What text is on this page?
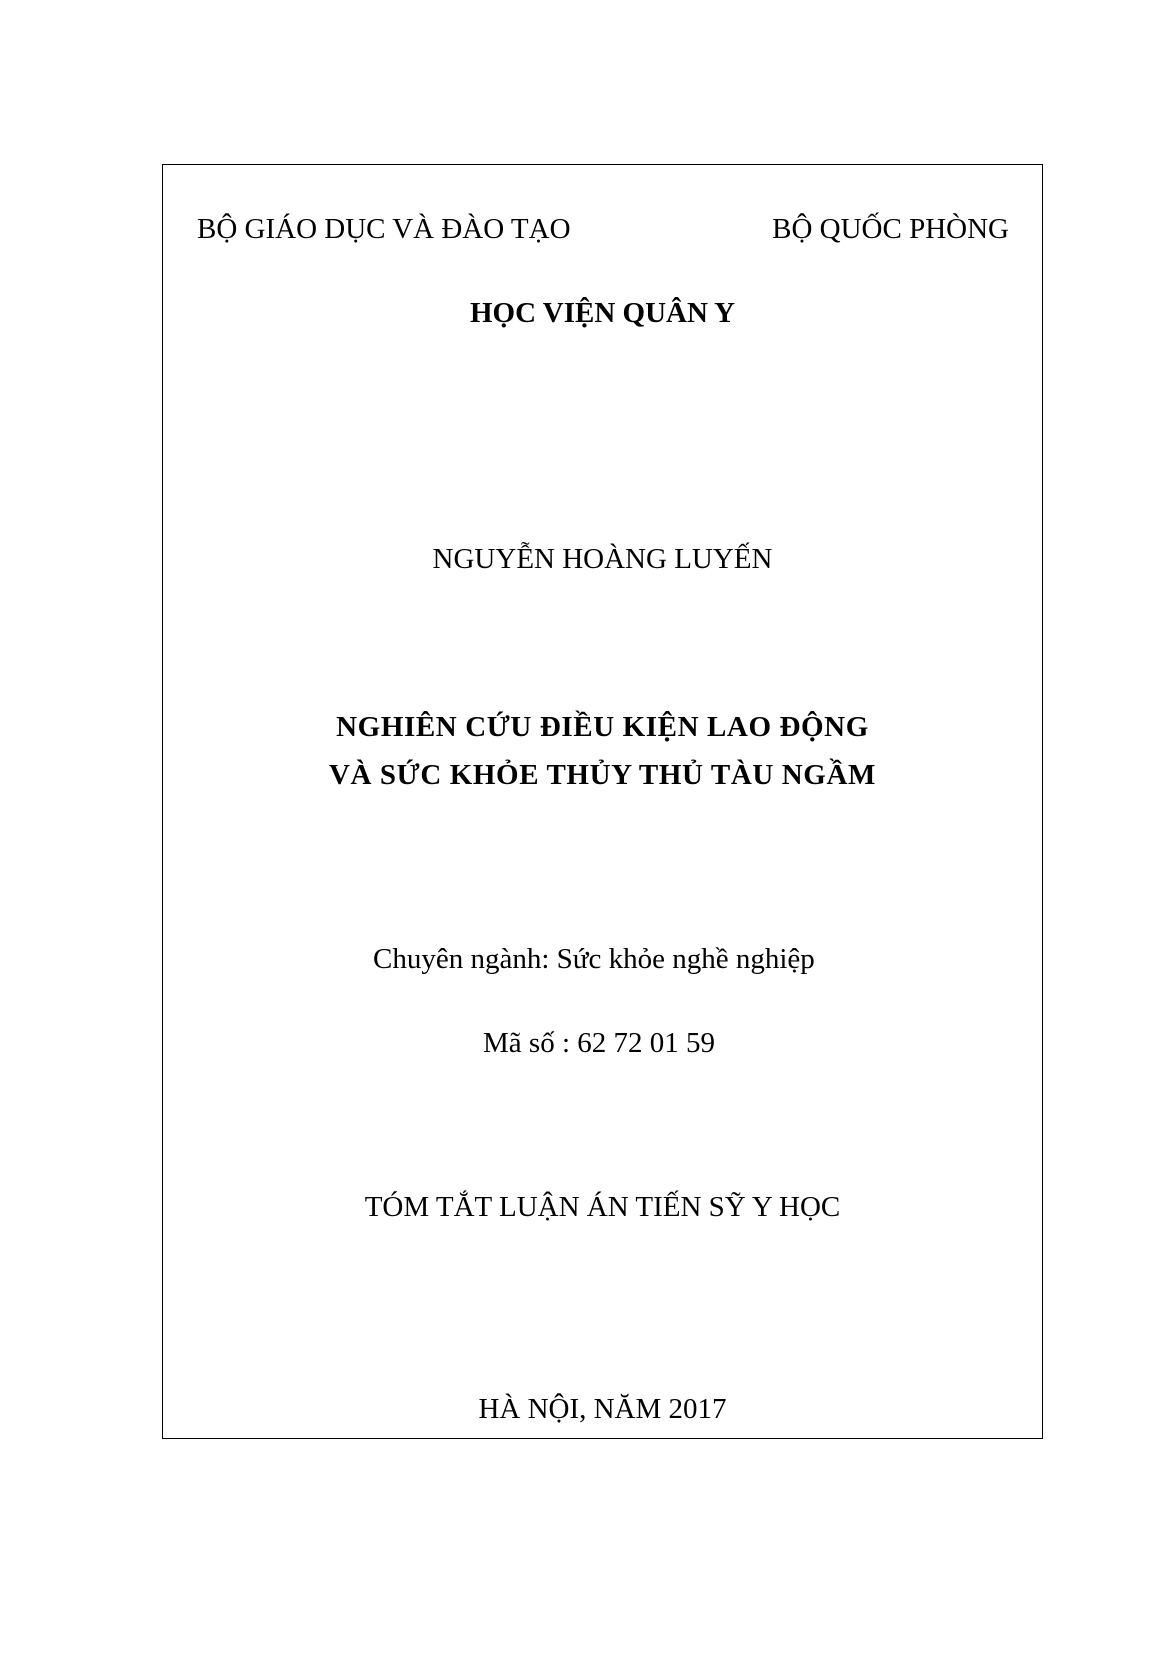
BỘ GIÁO DỤC VÀ ĐÀO TẠO	BỘ QUỐC PHÒNG
HỌC VIỆN QUÂN Y
NGUYỄN HOÀNG LUYẾN
NGHIÊN CỨU ĐIỀU KIỆN LAO ĐỘNG
VÀ SỨC KHỎE THỦY THỦ TÀU NGẦM
Chuyên ngành: Sức khỏe nghề nghiệp
Mã số : 62 72 01 59
TÓM TẮT LUẬN ÁN TIẾN SỸ Y HỌC
HÀ NỘI, NĂM 2017
